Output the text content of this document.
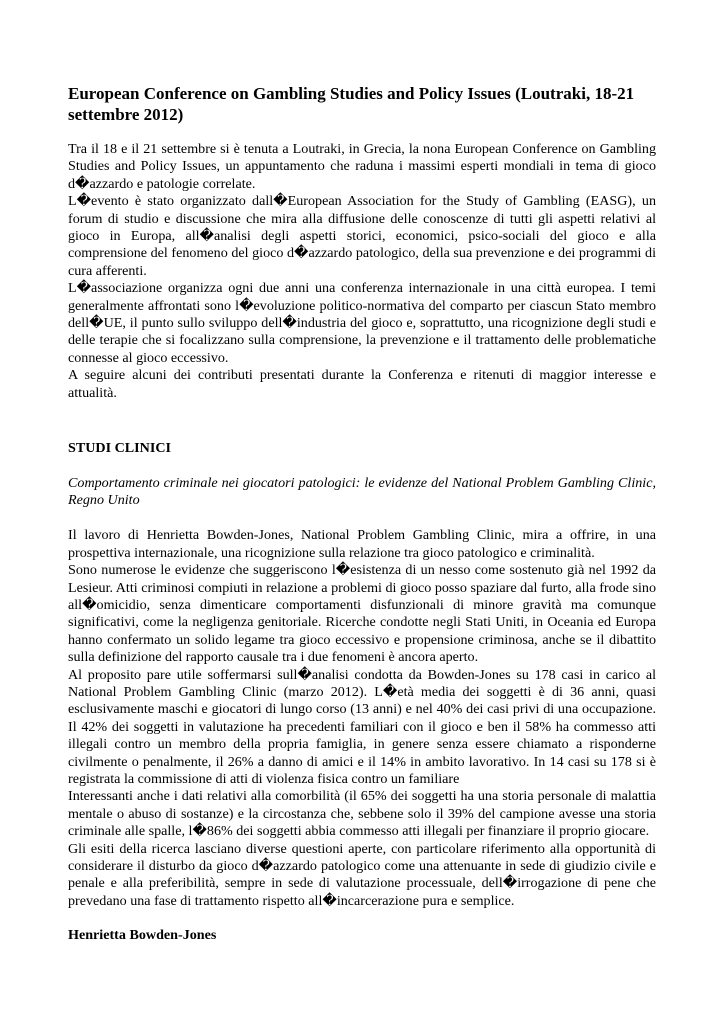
European Conference on Gambling Studies and Policy Issues (Loutraki, 18-21 settembre 2012)

Tra il 18 e il 21 settembre si è tenuta a Loutraki, in Grecia, la nona European Conference on Gambling Studies and Policy Issues, un appuntamento che raduna i massimi esperti mondiali in tema di gioco d�azzardo e patologie correlate.

L�evento è stato organizzato dall�European Association for the Study of Gambling (EASG), un forum di studio e discussione che mira alla diffusione delle conoscenze di tutti gli aspetti relativi al gioco in Europa, all�analisi degli aspetti storici, economici, psico-sociali del gioco e alla comprensione del fenomeno del gioco d�azzardo patologico, della sua prevenzione e dei programmi di cura afferenti.

L�associazione organizza ogni due anni una conferenza internazionale in una città europea. I temi generalmente affrontati sono l�evoluzione politico-normativa del comparto per ciascun Stato membro dell�UE, il punto sullo sviluppo dell�industria del gioco e, soprattutto, una ricognizione degli studi e delle terapie che si focalizzano sulla comprensione, la prevenzione e il trattamento delle problematiche connesse al gioco eccessivo.

A seguire alcuni dei contributi presentati durante la Conferenza e ritenuti di maggior interesse e attualità.

STUDI CLINICI
Comportamento criminale nei giocatori patologici: le evidenze del National Problem Gambling Clinic, Regno Unito

Il lavoro di Henrietta Bowden-Jones, National Problem Gambling Clinic, mira a offrire, in una prospettiva internazionale, una ricognizione sulla relazione tra gioco patologico e criminalità.

Sono numerose le evidenze che suggeriscono l�esistenza di un nesso come sostenuto già nel 1992 da Lesieur. Atti criminosi compiuti in relazione a problemi di gioco posso spaziare dal furto, alla frode sino all�omicidio, senza dimenticare comportamenti disfunzionali di minore gravità ma comunque significativi, come la negligenza genitoriale. Ricerche condotte negli Stati Uniti, in Oceania ed Europa hanno confermato un solido legame tra gioco eccessivo e propensione criminosa, anche se il dibattito sulla definizione del rapporto causale tra i due fenomeni è ancora aperto.

Al proposito pare utile soffermarsi sull�analisi condotta da Bowden-Jones su 178 casi in carico al National Problem Gambling Clinic (marzo 2012). L�età media dei soggetti è di 36 anni, quasi esclusivamente maschi e giocatori di lungo corso (13 anni) e nel 40% dei casi privi di una occupazione. Il 42% dei soggetti in valutazione ha precedenti familiari con il gioco e ben il 58% ha commesso atti illegali contro un membro della propria famiglia, in genere senza essere chiamato a risponderne civilmente o penalmente, il 26% a danno di amici e il 14% in ambito lavorativo. In 14 casi su 178 si è registrata la commissione di atti di violenza fisica contro un familiare

Interessanti anche i dati relativi alla comorbilità (il 65% dei soggetti ha una storia personale di malattia mentale o abuso di sostanze) e la circostanza che, sebbene solo il 39% del campione avesse una storia criminale alle spalle, l�86% dei soggetti abbia commesso atti illegali per finanziare il proprio giocare.

Gli esiti della ricerca lasciano diverse questioni aperte, con particolare riferimento alla opportunità di considerare il disturbo da gioco d�azzardo patologico come una attenuante in sede di giudizio civile e penale e alla preferibilità, sempre in sede di valutazione processuale, dell�irrogazione di pene che prevedano una fase di trattamento rispetto all�incarcerazione pura e semplice.

Henrietta Bowden-Jones
